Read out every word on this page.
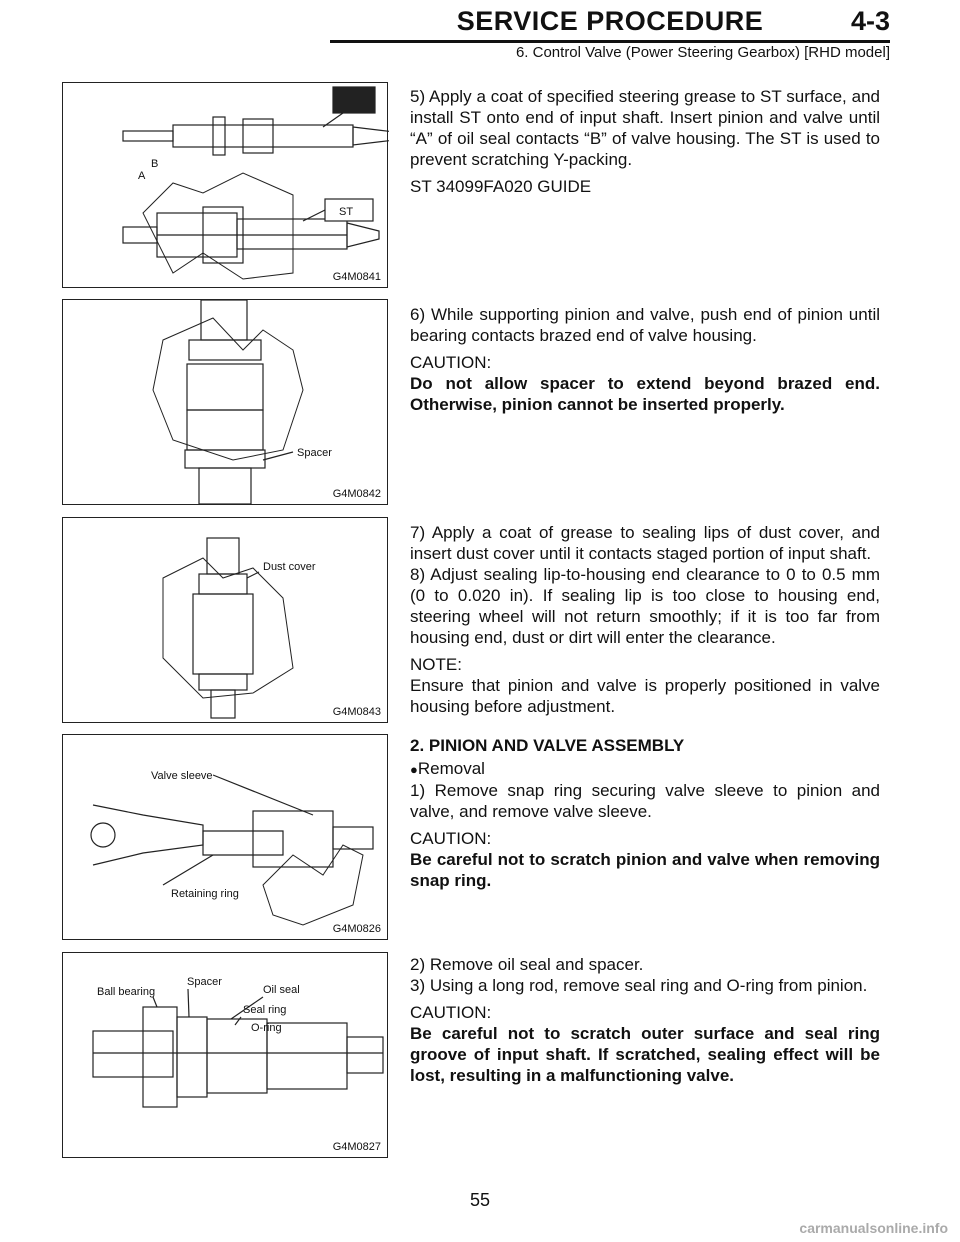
SERVICE PROCEDURE	4-3
6. Control Valve (Power Steering Gearbox) [RHD model]
A
B
ST
G4M0841

5) Apply a coat of specified steering grease to ST surface, and install ST onto end of input shaft. Insert pinion and valve until “A” of oil seal contacts “B” of valve housing. The ST is used to prevent scratching Y-packing.

ST 34099FA020 GUIDE

Spacer
G4M0842

6) While supporting pinion and valve, push end of pinion until bearing contacts brazed end of valve housing.

CAUTION:

Do not allow spacer to extend beyond brazed end. Otherwise, pinion cannot be inserted properly.

Dust cover
G4M0843

7) Apply a coat of grease to sealing lips of dust cover, and insert dust cover until it contacts staged portion of input shaft.

8) Adjust sealing lip-to-housing end clearance to 0 to 0.5 mm (0 to 0.020 in). If sealing lip is too close to housing end, steering wheel will not return smoothly; if it is too far from housing end, dust or dirt will enter the clearance.

NOTE:

Ensure that pinion and valve is properly positioned in valve housing before adjustment.

Valve sleeve
Retaining ring
G4M0826

2. PINION AND VALVE ASSEMBLY

●Removal

1) Remove snap ring securing valve sleeve to pinion and valve, and remove valve sleeve.

CAUTION:

Be careful not to scratch pinion and valve when removing snap ring.

Ball bearing
Spacer
Oil seal
Seal ring
O-ring
G4M0827

2) Remove oil seal and spacer.

3) Using a long rod, remove seal ring and O-ring from pinion.

CAUTION:

Be careful not to scratch outer surface and seal ring groove of input shaft. If scratched, sealing effect will be lost, resulting in a malfunctioning valve.

55
carmanualsonline.info
